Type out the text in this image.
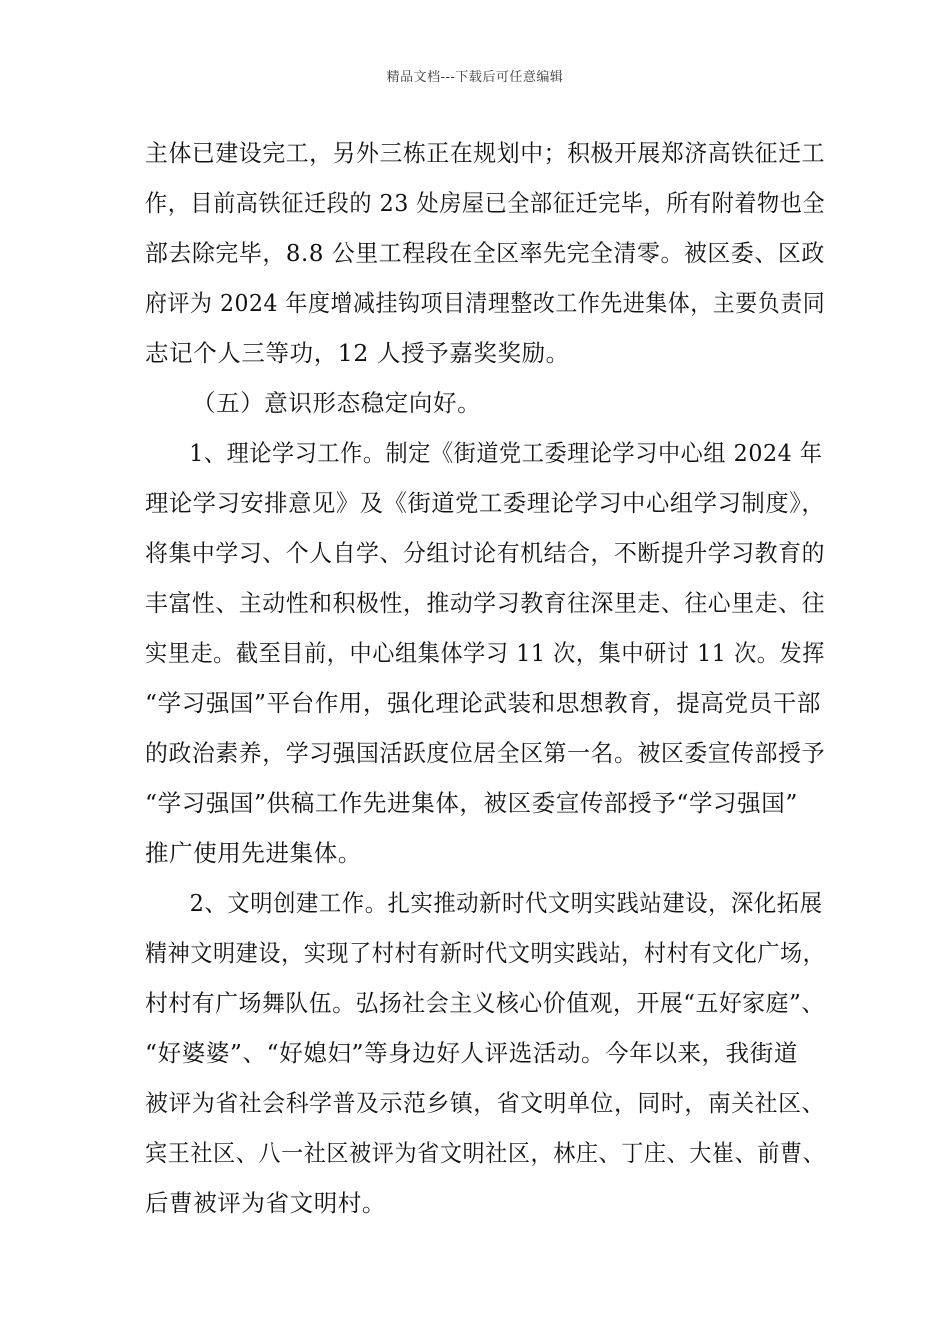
精品文档---下载后可任意编辑
主体已建设完工，另外三栋正在规划中；积极开展郑济高铁征迁工
作，目前高铁征迁段的 23 处房屋已全部征迁完毕，所有附着物也全
部去除完毕，8.8 公里工程段在全区率先完全清零。被区委、区政
府评为 2024 年度增减挂钩项目清理整改工作先进集体，主要负责同
志记个人三等功，12 人授予嘉奖奖励。
（五）意识形态稳定向好。
1、理论学习工作。制定《街道党工委理论学习中心组 2024 年
理论学习安排意见》及《街道党工委理论学习中心组学习制度》，
将集中学习、个人自学、分组讨论有机结合，不断提升学习教育的
丰富性、主动性和积极性，推动学习教育往深里走、往心里走、往
实里走。截至目前，中心组集体学习 11 次，集中研讨 11 次。发挥
“学习强国”平台作用，强化理论武装和思想教育，提高党员干部
的政治素养，学习强国活跃度位居全区第一名。被区委宣传部授予
“学习强国”供稿工作先进集体，被区委宣传部授予“学习强国”
推广使用先进集体。
2、文明创建工作。扎实推动新时代文明实践站建设，深化拓展
精神文明建设，实现了村村有新时代文明实践站，村村有文化广场，
村村有广场舞队伍。弘扬社会主义核心价值观，开展“五好家庭”、
“好婆婆”、“好媳妇”等身边好人评选活动。今年以来，我街道
被评为省社会科学普及示范乡镇，省文明单位，同时，南关社区、
宾王社区、八一社区被评为省文明社区，林庄、丁庄、大崔、前曹、
后曹被评为省文明村。
